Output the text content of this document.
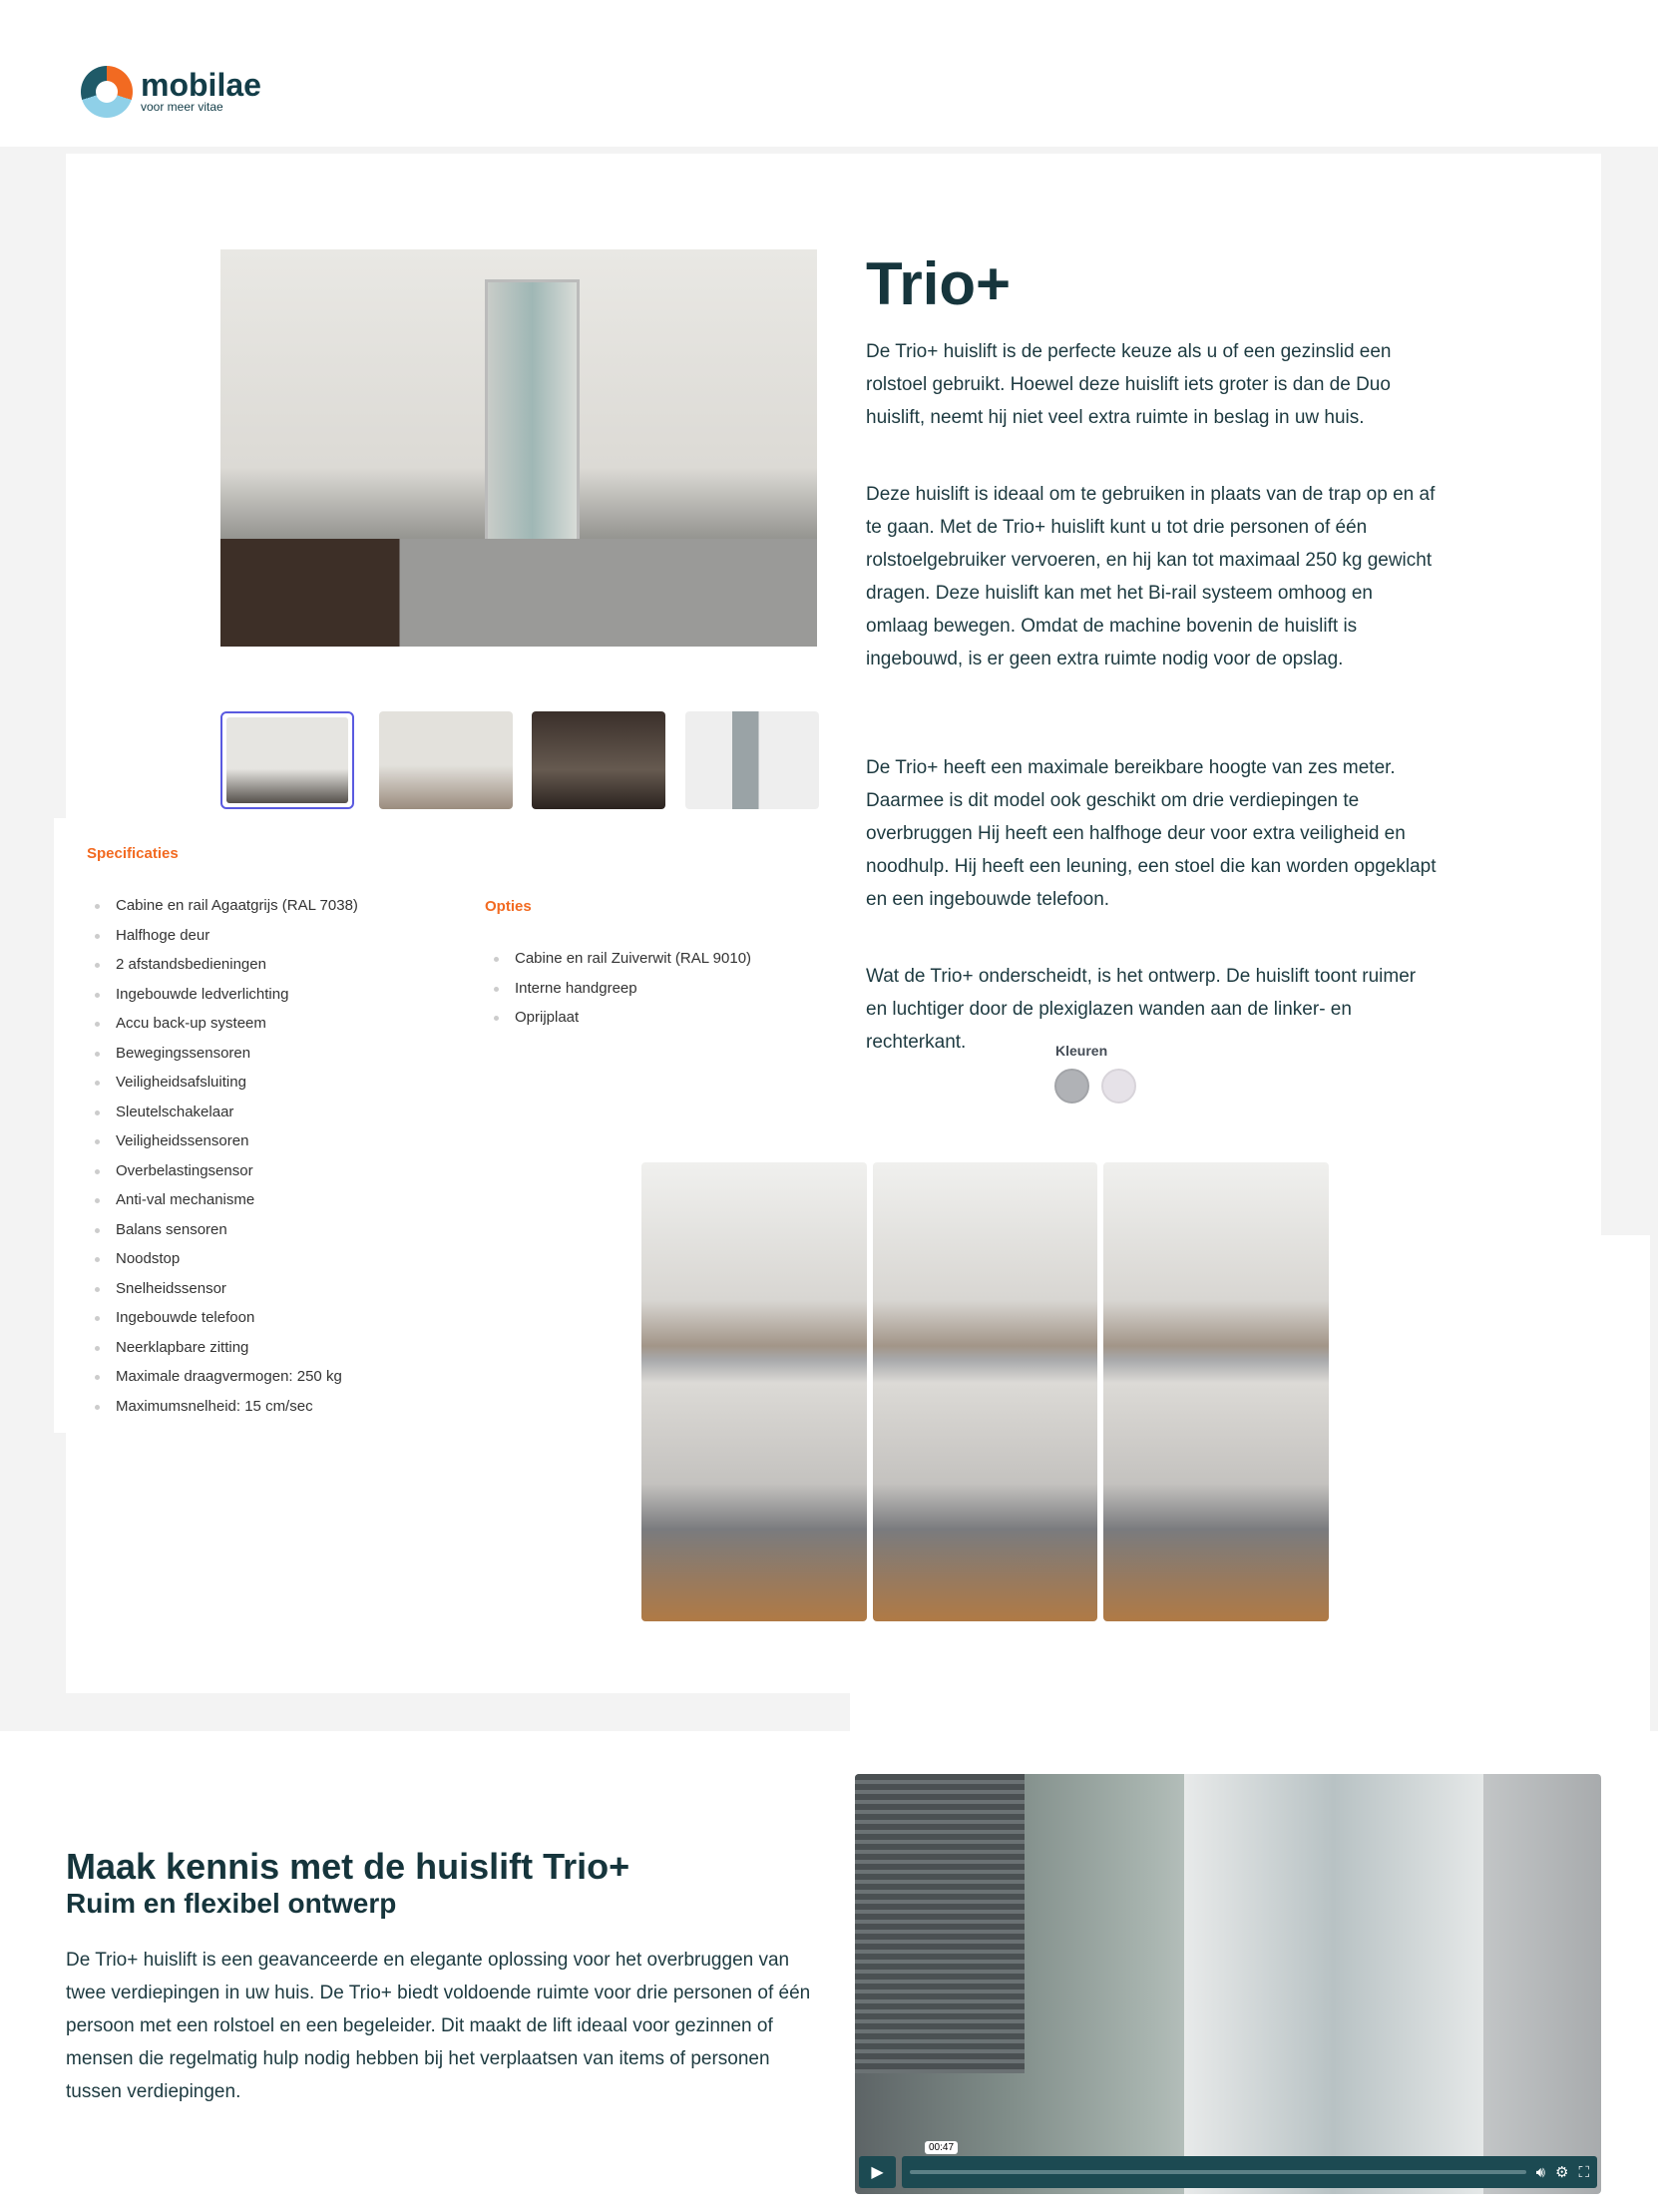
mobilae
voor meer vitae
Trio+

De Trio+ huislift is de perfecte keuze als u of een gezinslid een rolstoel gebruikt. Hoewel deze huislift iets groter is dan de Duo huislift, neemt hij niet veel extra ruimte in beslag in uw huis.

Deze huislift is ideaal om te gebruiken in plaats van de trap op en af te gaan. Met de Trio+ huislift kunt u tot drie personen of één rolstoelgebruiker vervoeren, en hij kan tot maximaal 250 kg gewicht dragen. Deze huislift kan met het Bi-rail systeem omhoog en omlaag bewegen. Omdat de machine bovenin de huislift is ingebouwd, is er geen extra ruimte nodig voor de opslag.

De Trio+ heeft een maximale bereikbare hoogte van zes meter. Daarmee is dit model ook geschikt om drie verdiepingen te overbruggen Hij heeft een halfhoge deur voor extra veiligheid en noodhulp. Hij heeft een leuning, een stoel die kan worden opgeklapt en een ingebouwde telefoon.

Wat de Trio+ onderscheidt, is het ontwerp. De huislift toont ruimer en luchtiger door de plexiglazen wanden aan de linker- en rechterkant.	Kleuren
Specificaties
Cabine en rail Agaatgrijs (RAL 7038)
Halfhoge deur
2 afstandsbedieningen
Ingebouwde ledverlichting
Accu back-up systeem
Bewegingssensoren
Veiligheidsafsluiting
Sleutelschakelaar
Veiligheidssensoren
Overbelastingsensor
Anti-val mechanisme
Balans sensoren
Noodstop
Snelheidssensor
Ingebouwde telefoon
Neerklapbare zitting
Maximale draagvermogen: 250 kg
Maximumsnelheid: 15 cm/sec
Opties
Cabine en rail Zuiverwit (RAL 9010)
Interne handgreep
Oprijplaat
Maak kennis met de huislift Trio+
Ruim en flexibel ontwerp

De Trio+ huislift is een geavanceerde en elegante oplossing voor het overbruggen van twee verdiepingen in uw huis. De Trio+ biedt voldoende ruimte voor drie personen of één persoon met een rolstoel en een begeleider. Dit maakt de lift ideaal voor gezinnen of mensen die regelmatig hulp nodig hebben bij het verplaatsen van items of personen tussen verdiepingen.

00:47
▶	🔊︎ ⚙ ⛶
